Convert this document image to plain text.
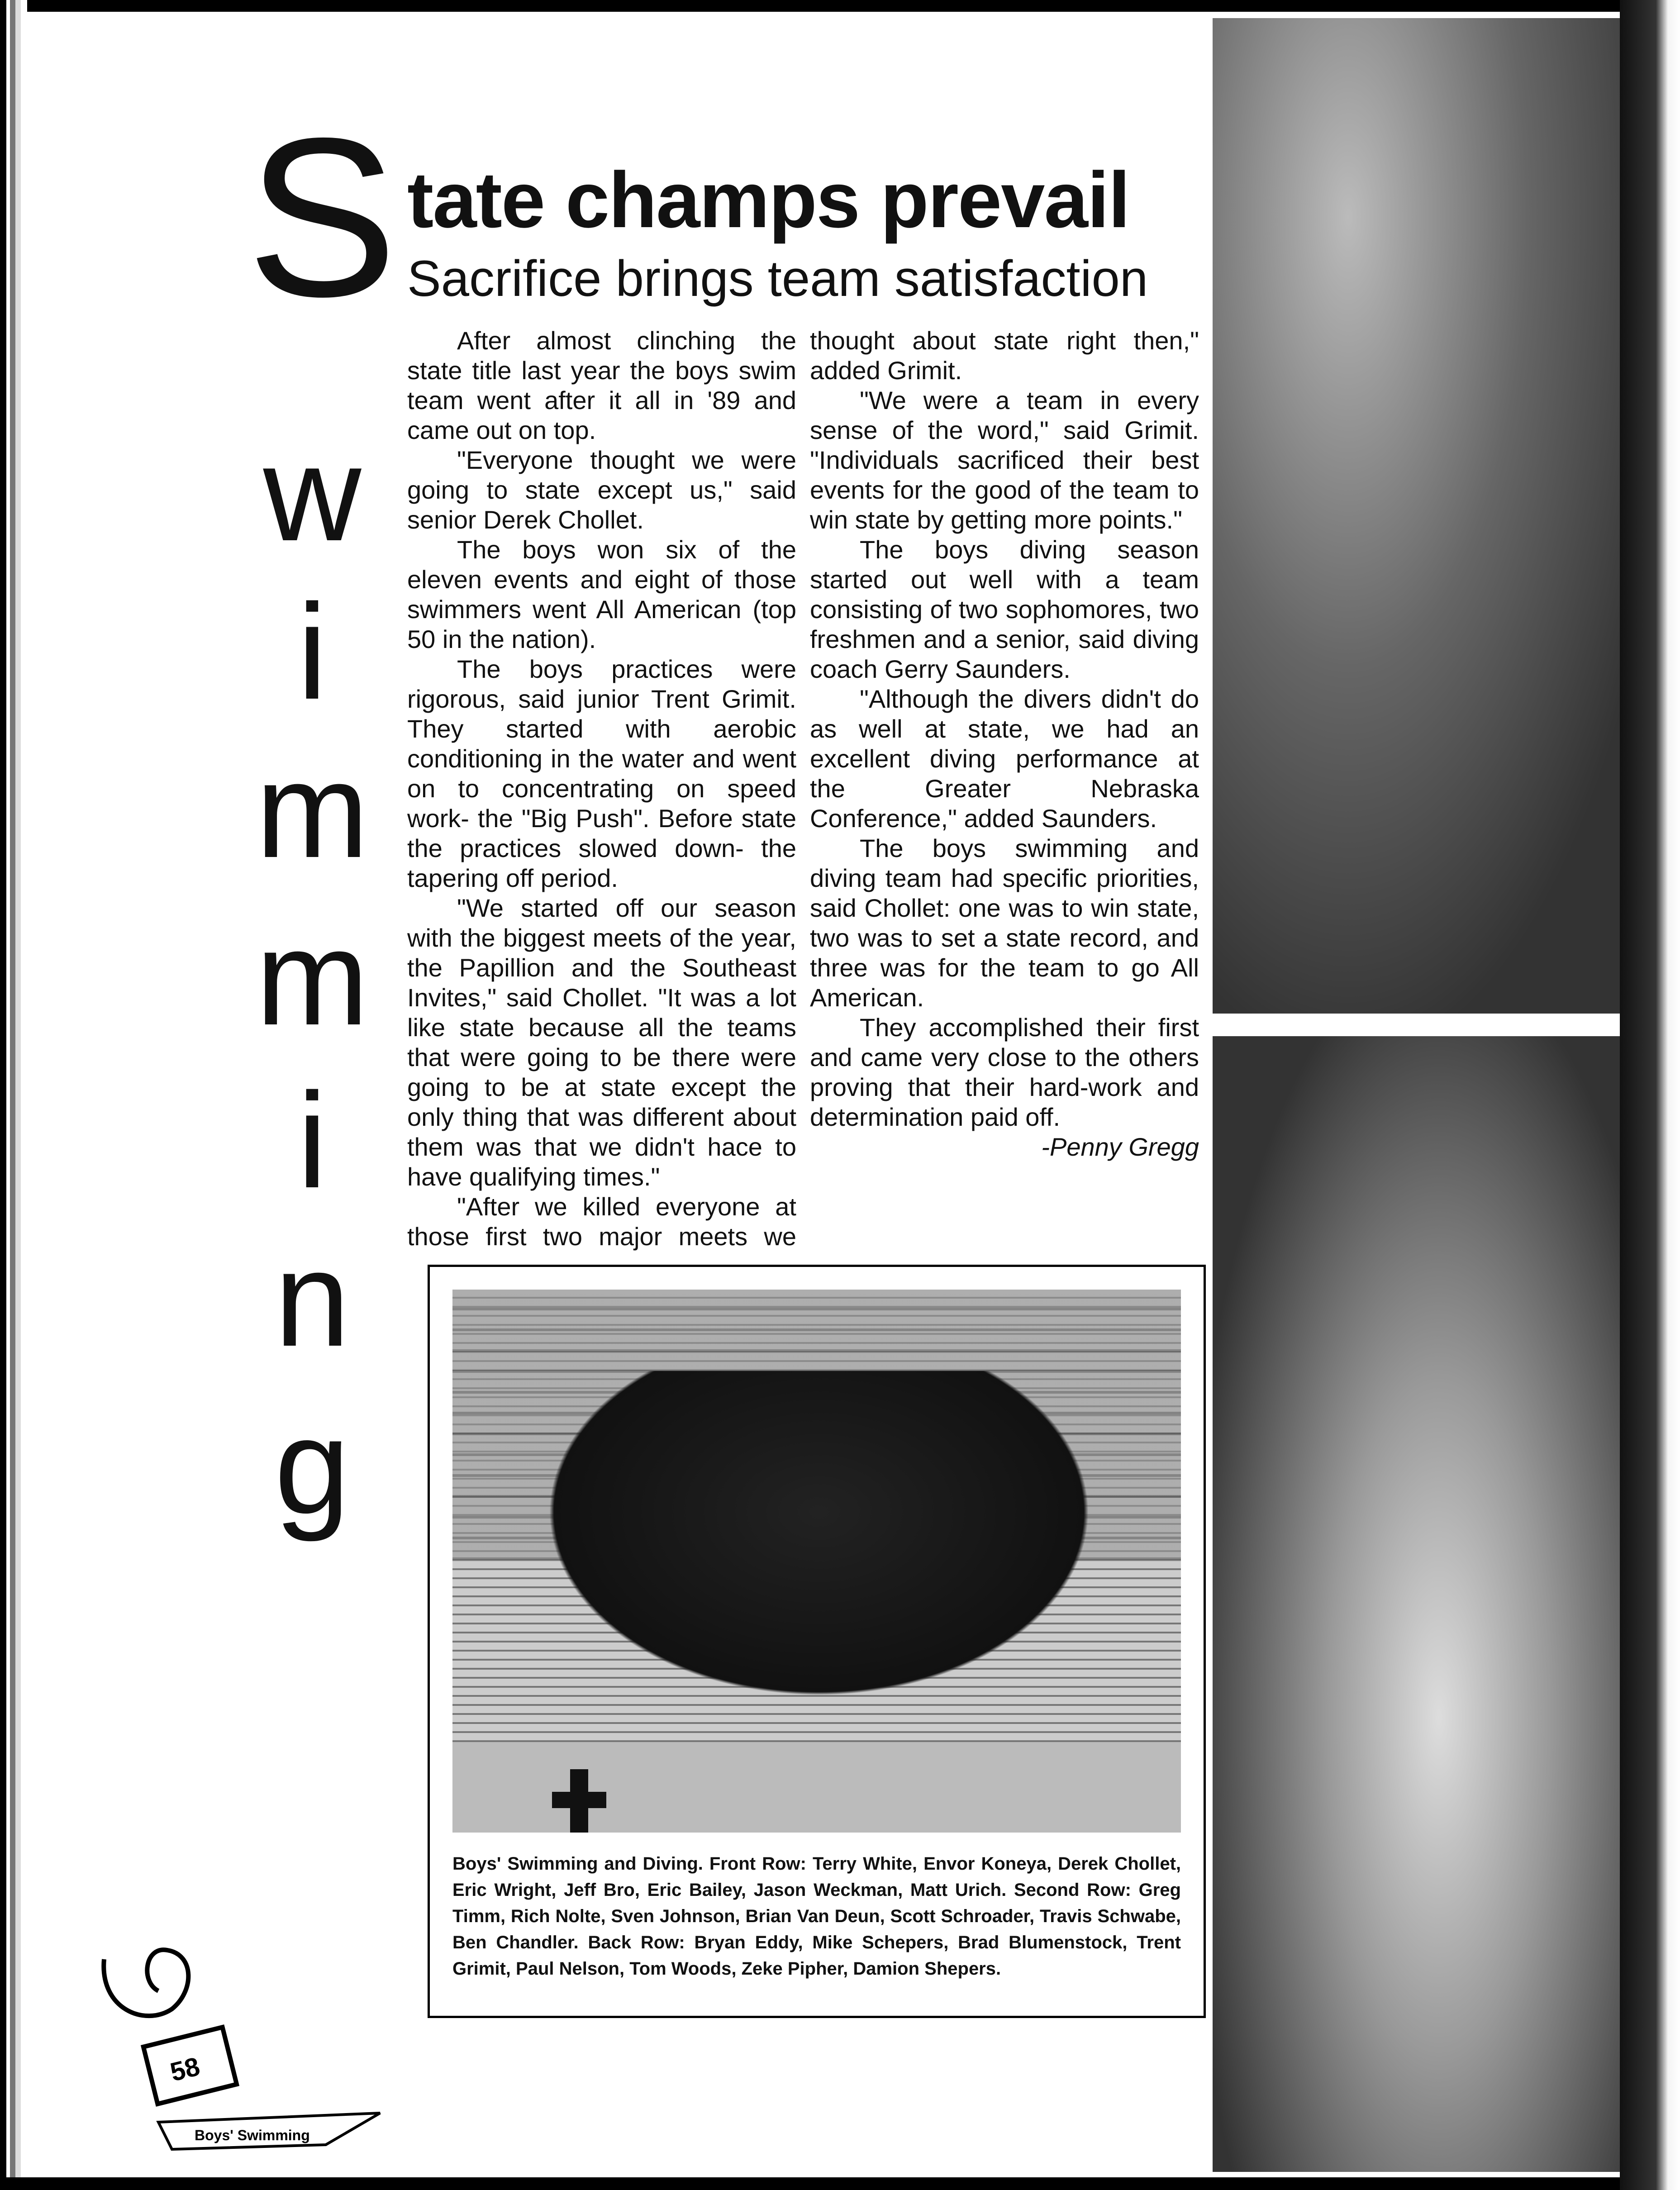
S
w
i
m
m
i
n
g
tate champs prevail
Sacrifice brings team satisfaction

After almost clinching the state title last year the boys swim team went after it all in '89 and came out on top.

"Everyone thought we were going to state except us," said senior Derek Chollet.

The boys won six of the eleven events and eight of those swimmers went All American (top 50 in the nation).

The boys practices were rigorous, said junior Trent Grimit. They started with aerobic conditioning in the water and went on to concentrating on speed work- the "Big Push". Before state the practices slowed down- the tapering off period.

"We started off our season with the biggest meets of the year, the Papillion and the Southeast Invites," said Chollet. "It was a lot like state because all the teams that were going to be there were going to be at state except the only thing that was different about them was that we didn't hace to have qualifying times."

"After we killed everyone at those first two major meets we thought about state right then," added Grimit.

"We were a team in every sense of the word," said Grimit. "Individuals sacrificed their best events for the good of the team to win state by getting more points."

The boys diving season started out well with a team consisting of two sophomores, two freshmen and a senior, said diving coach Gerry Saunders.

"Although the divers didn't do as well at state, we had an excellent diving performance at the Greater Nebraska Conference," added Saunders.

The boys swimming and diving team had specific priorities, said Chollet: one was to win state, two was to set a state record, and three was for the team to go All American.

They accomplished their first and came very close to the others proving that their hard-work and determination paid off.

-Penny Gregg

Boys' Swimming and Diving. Front Row: Terry White, Envor Koneya, Derek Chollet, Eric Wright, Jeff Bro, Eric Bailey, Jason Weckman, Matt Urich. Second Row: Greg Timm, Rich Nolte, Sven Johnson, Brian Van Deun, Scott Schroader, Travis Schwabe, Ben Chandler. Back Row: Bryan Eddy, Mike Schepers, Brad Blumenstock, Trent Grimit, Paul Nelson, Tom Woods, Zeke Pipher, Damion Shepers.
58
Boys' Swimming
